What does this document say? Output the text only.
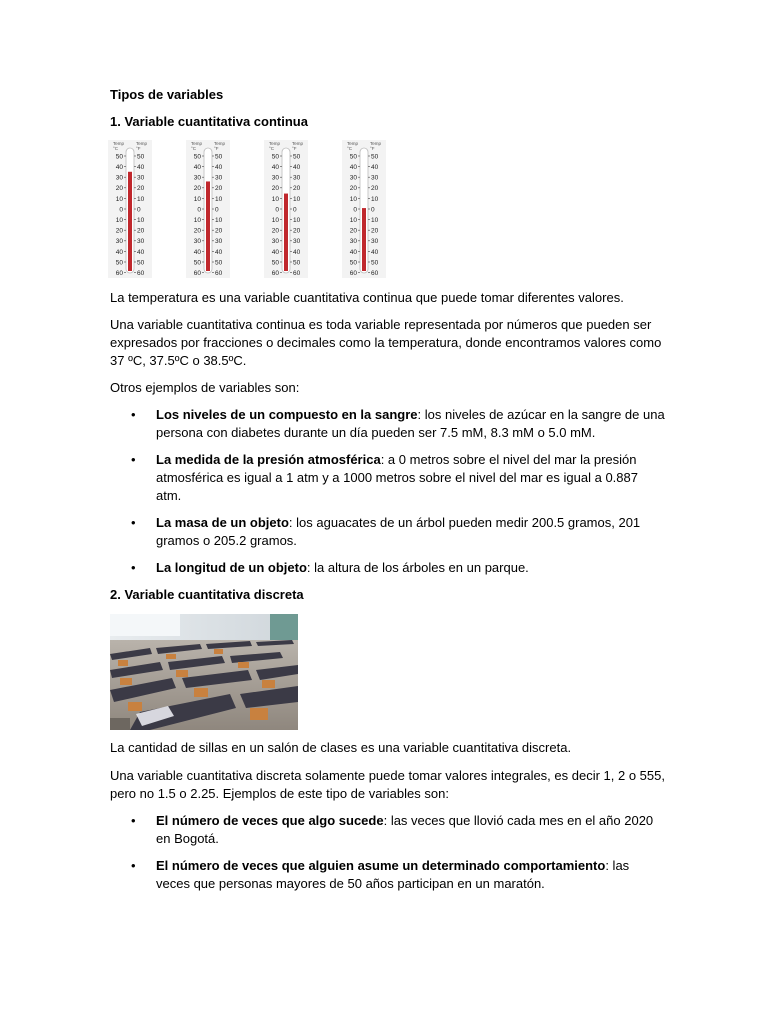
Tipos de variables

1. Variable cuantitativa continua

Temp
°C
Temp
°F
50 50
40 40
30 30
20 20
10 10
0 0
10 10
20 20
30 30
40 40
50 50
60 60
Temp
°C
Temp
°F
50 50
40 40
30 30
20 20
10 10
0 0
10 10
20 20
30 30
40 40
50 50
60 60
Temp
°C
Temp
°F
50 50
40 40
30 30
20 20
10 10
0 0
10 10
20 20
30 30
40 40
50 50
60 60
Temp
°C
Temp
°F
50 50
40 40
30 30
20 20
10 10
0 0
10 10
20 20
30 30
40 40
50 50
60 60

La temperatura es una variable cuantitativa continua que puede tomar diferentes valores.

Una variable cuantitativa continua es toda variable representada por números que pueden ser expresados por fracciones o decimales como la temperatura, donde encontramos valores como 37 ºC, 37.5ºC o 38.5ºC.

Otros ejemplos de variables son:

• Los niveles de un compuesto en la sangre: los niveles de azúcar en la sangre de una persona con diabetes durante un día pueden ser 7.5 mM, 8.3 mM o 5.0 mM.
• La medida de la presión atmosférica: a 0 metros sobre el nivel del mar la presión atmosférica es igual a 1 atm y a 1000 metros sobre el nivel del mar es igual a 0.887 atm.
• La masa de un objeto: los aguacates de un árbol pueden medir 200.5 gramos, 201 gramos o 205.2 gramos.
• La longitud de un objeto: la altura de los árboles en un parque.

2. Variable cuantitativa discreta

La cantidad de sillas en un salón de clases es una variable cuantitativa discreta.

Una variable cuantitativa discreta solamente puede tomar valores integrales, es decir 1, 2 o 555, pero no 1.5 o 2.25. Ejemplos de este tipo de variables son:

• El número de veces que algo sucede: las veces que llovió cada mes en el año 2020 en Bogotá.
• El número de veces que alguien asume un determinado comportamiento: las veces que personas mayores de 50 años participan en un maratón.
